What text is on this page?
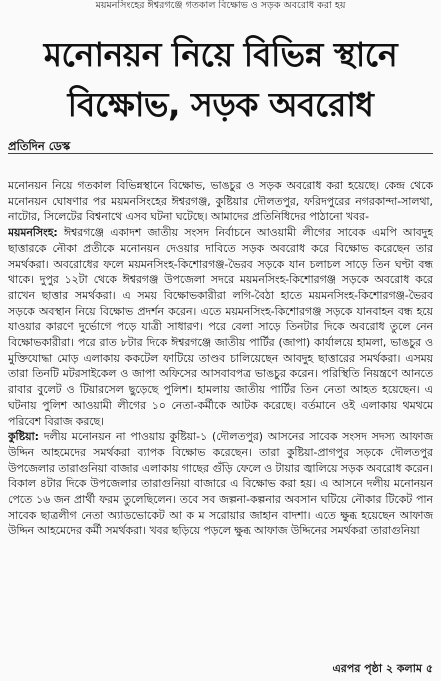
ময়মনসিংহের ঈশ্বরগঞ্জে গতকাল বিক্ষোভ ও সড়ক অবরোধ করা হয়
মনোনয়ন নিয়ে বিভিন্ন স্থানে
বিক্ষোভ, সড়ক অবরোধ
প্রতিদিন ডেস্ক

মনোনয়ন নিয়ে গতকাল বিভিন্নস্থানে বিক্ষোভ, ভাঙচুর ও সড়ক অবরোধ করা হয়েছে। কেন্দ্র থেকে মনোনয়ন ঘোষণার পর ময়মনসিংহের ঈশ্বরগঞ্জ, কুষ্টিয়ার দৌলতপুর, ফরিদপুরের নগরকান্দা-সালথা, নাটোর, সিলেটের বিশ্বনাথে এসব ঘটনা ঘটেছে। আমাদের প্রতিনিধিদের পাঠানো খবর-

ময়মনসিংহ: ঈশ্বরগঞ্জে একাদশ জাতীয় সংসদ নির্বাচনে আওয়ামী লীগের সাবেক এমপি আবদুহ ছাত্তারকে নৌকা প্রতীকে মনোনয়ন দেওয়ার দাবিতে সড়ক অবরোধ করে বিক্ষোভ করেছেন তার সমর্থকরা। অবরোধের ফলে ময়মনসিংহ-কিশোরগঞ্জ-ভৈরব সড়কে যান চলাচল সাড়ে তিন ঘণ্টা বন্ধ থাকে। দুপুর ১২টা থেকে ঈশ্বরগঞ্জ উপজেলা সদরে ময়মনসিংহ-কিশোরগঞ্জ সড়কে অবরোধ করে রাখেন ছাত্তার সমর্থকরা। এ সময় বিক্ষোভকারীরা লগি-বৈঠা হাতে ময়মনসিংহ-কিশোরগঞ্জ-ভৈরব সড়কে অবস্থান নিয়ে বিক্ষোভ প্রদর্শন করেন। এতে ময়মনসিংহ-কিশোরগঞ্জ সড়কে যানবাহন বন্ধ হয়ে যাওয়ার কারণে দুর্ভোগে পড়ে যাত্রী সাধারণ। পরে বেলা সাড়ে তিনটার দিকে অবরোধ তুলে নেন বিক্ষোভকারীরা। পরে রাত ৮টার দিকে ঈশ্বরগঞ্জে জাতীয় পার্টির (জাপা) কার্যালয়ে হামলা, ভাঙচুর ও মুক্তিযোদ্ধা মোড় এলাকায় ককটেল ফাটিয়ে তাণ্ডব চালিয়েছেন আবদুহ ছাত্তারের সমর্থকরা। এসময় তারা তিনটি মটরসাইকেল ও জাপা অফিসের আসবাবপত্র ভাঙচুর করেন। পরিস্থিতি নিয়ন্ত্রণে আনতে রাবার বুলেট ও টিয়ারসেল ছুড়েছে পুলিশ। হামলায় জাতীয় পার্টির তিন নেতা আহত হয়েছেন। এ ঘটনায় পুলিশ আওয়ামী লীগের ১০ নেতা-কর্মীকে আটক করেছে। বর্তমানে ওই এলাকায় থমথমে পরিবেশ বিরাজ করছে।

কুষ্টিয়া: দলীয় মনোনয়ন না পাওয়ায় কুষ্টিয়া-১ (দৌলতপুর) আসনের সাবেক সংসদ সদস্য আফাজ উদ্দিন আহমেদের সমর্থকরা ব্যাপক বিক্ষোভ করেছেন। তারা কুষ্টিয়া-প্রাগপুর সড়কে দৌলতপুর উপজেলার তারাগুনিয়া বাজার এলাকায় গাছের গুঁড়ি ফেলে ও টায়ার জ্বালিয়ে সড়ক অবরোধ করেন। বিকাল ৪টার দিকে উপজেলার তারাগুনিয়া বাজারে এ বিক্ষোভ করা হয়। এ আসনে দলীয় মনোনয়ন পেতে ১৬ জন প্রার্থী ফরম তুলেছিলেন। তবে সব জল্পনা-কল্পনার অবসান ঘটিয়ে নৌকার টিকেট পান সাবেক ছাত্রলীগ নেতা অ্যাডভোকেট আ ক ম সরোয়ার জাহান বাদশা। এতে ক্ষুব্ধ হয়েছেন আফাজ উদ্দিন আহমেদের কর্মী সমর্থকরা। খবর ছড়িয়ে পড়লে ক্ষুব্ধ আফাজ উদ্দিনের সমর্থকরা তারাগুনিয়া

এরপর পৃষ্ঠা ২ কলাম ৫
